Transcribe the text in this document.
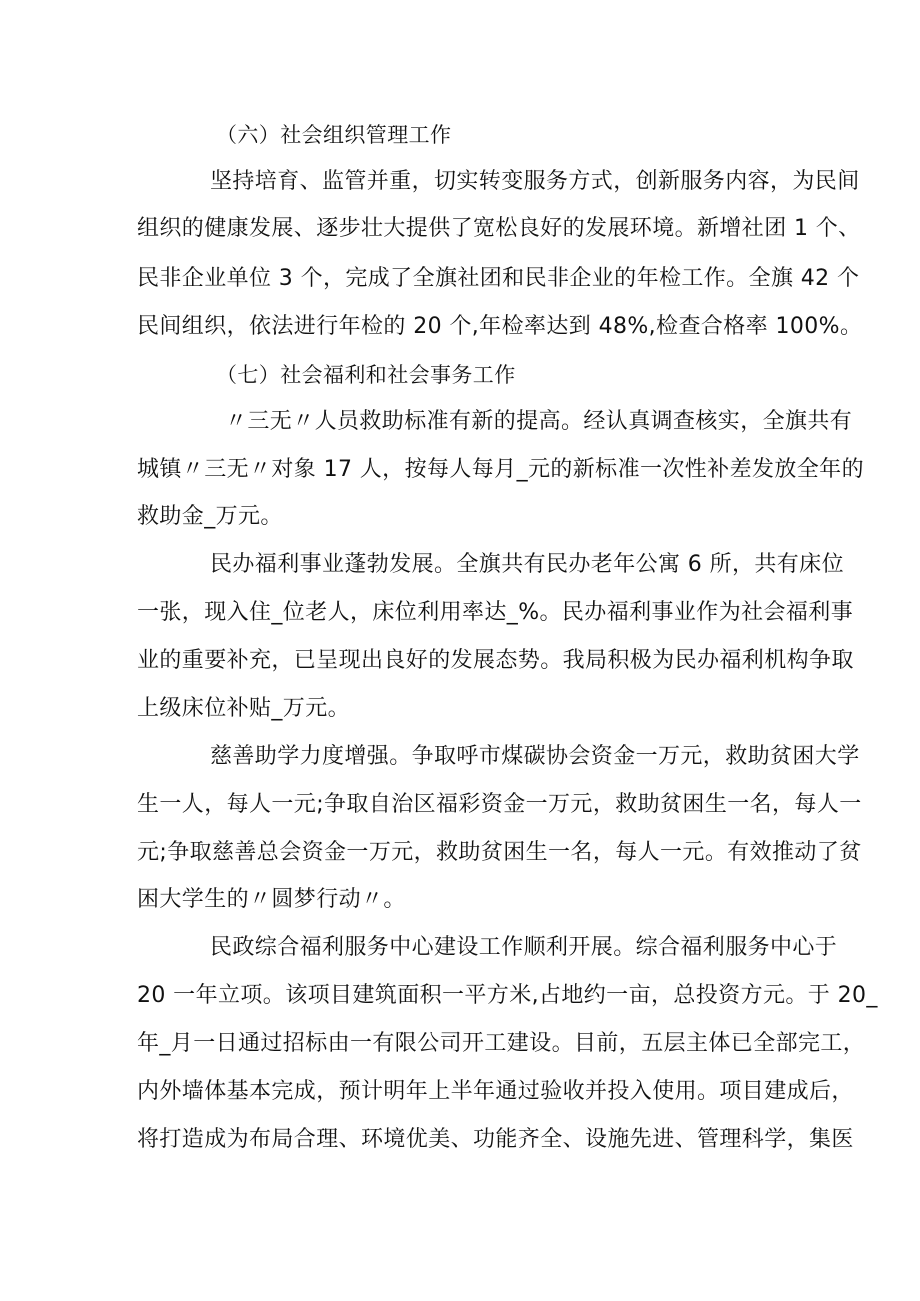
（六）社会组织管理工作

坚持培育、监管并重，切实转变服务方式，创新服务内容，为民间

组织的健康发展、逐步壮大提供了宽松良好的发展环境。新增社团 1 个、

民非企业单位 3 个，完成了全旗社团和民非企业的年检工作。全旗 42 个

民间组织，依法进行年检的 20 个,年检率达到 48%,检查合格率 100%。

（七）社会福利和社会事务工作

〃三无〃人员救助标准有新的提高。经认真调查核实，全旗共有

城镇〃三无〃对象 17 人，按每人每月_元的新标准一次性补差发放全年的

救助金_万元。

民办福利事业蓬勃发展。全旗共有民办老年公寓 6 所，共有床位

一张，现入住_位老人，床位利用率达_%。民办福利事业作为社会福利事

业的重要补充，已呈现出良好的发展态势。我局积极为民办福利机构争取

上级床位补贴_万元。

慈善助学力度增强。争取呼市煤碳协会资金一万元，救助贫困大学

生一人，每人一元;争取自治区福彩资金一万元，救助贫困生一名，每人一

元;争取慈善总会资金一万元，救助贫困生一名，每人一元。有效推动了贫

困大学生的〃圆梦行动〃。

民政综合福利服务中心建设工作顺利开展。综合福利服务中心于

20 一年立项。该项目建筑面积一平方米,占地约一亩，总投资方元。于 20_

年_月一日通过招标由一有限公司开工建设。目前，五层主体已全部完工，

内外墙体基本完成，预计明年上半年通过验收并投入使用。项目建成后，

将打造成为布局合理、环境优美、功能齐全、设施先进、管理科学，集医
